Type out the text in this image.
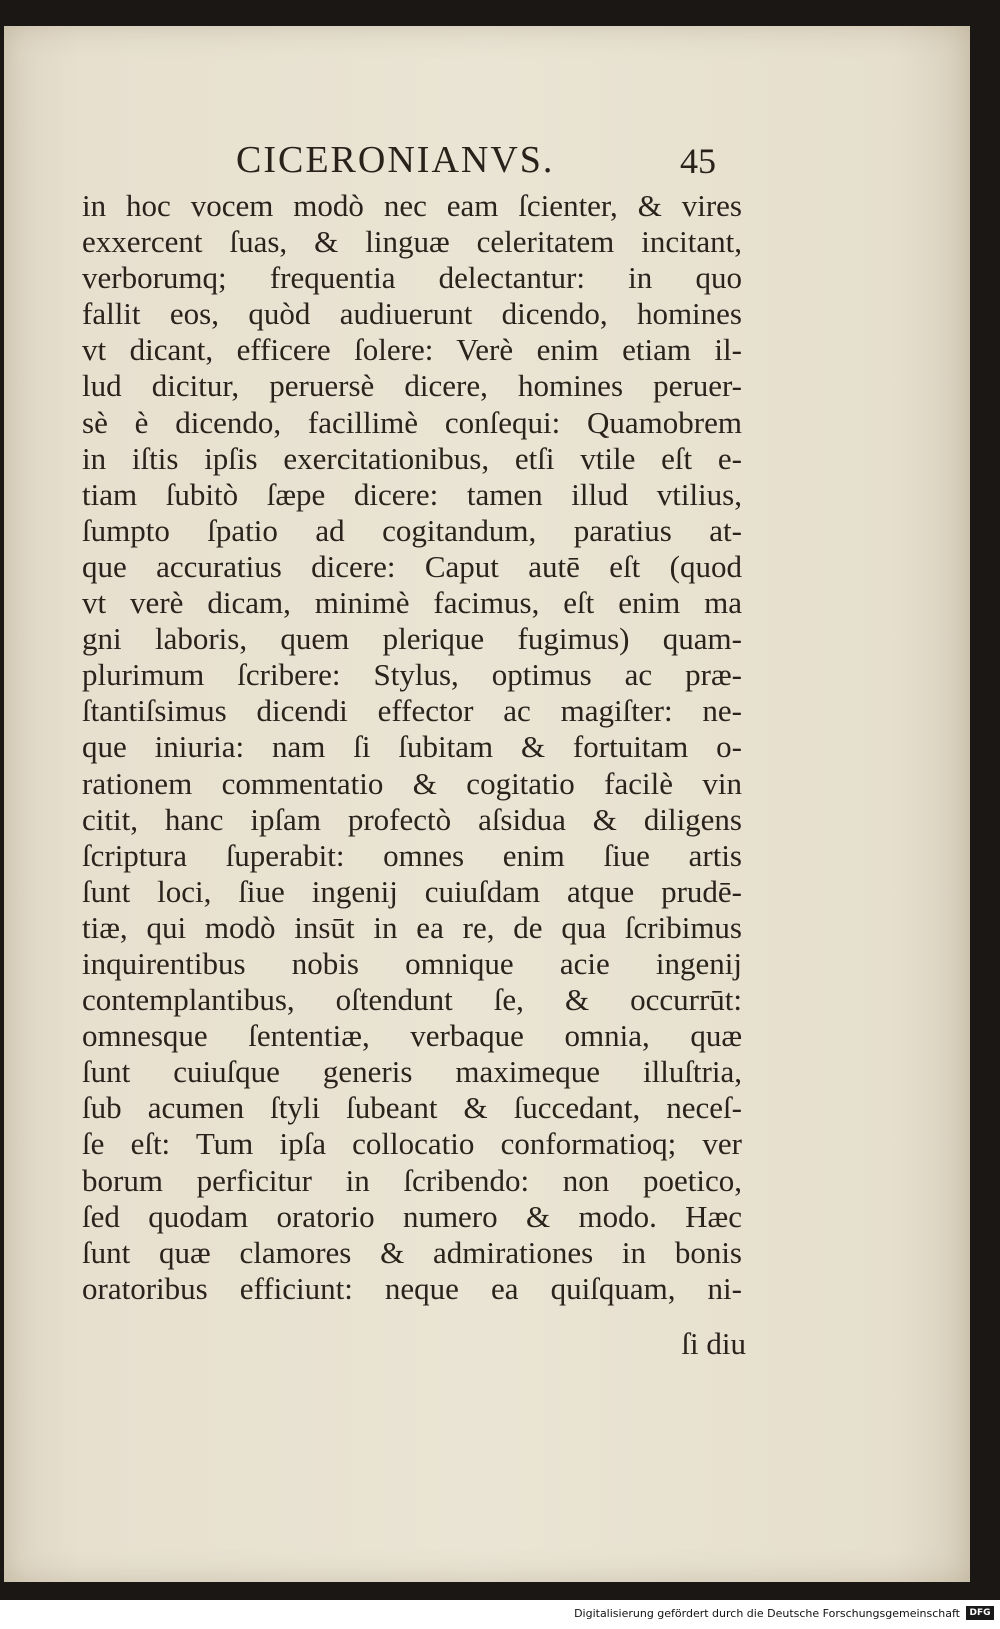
CICERONIANVS.	45
in hoc vocem modò nec eam ſcienter, & vires
exxercent ſuas, & linguæ celeritatem incitant,
verborumq; frequentia delectantur: in quo
fallit eos, quòd audiuerunt dicendo, homines
vt dicant, efficere ſolere: Verè enim etiam il-
lud dicitur, peruersè dicere, homines peruer-
sè è dicendo, facillimè conſequi: Quamobrem
in iſtis ipſis exercitationibus, etſi vtile eſt e-
tiam ſubitò ſæpe dicere: tamen illud vtilius,
ſumpto ſpatio ad cogitandum, paratius at-
que accuratius dicere: Caput autē eſt (quod
vt verè dicam, minimè facimus, eſt enim ma
gni laboris, quem plerique fugimus) quam-
plurimum ſcribere: Stylus, optimus ac præ-
ſtantiſsimus dicendi effector ac magiſter: ne-
que iniuria: nam ſi ſubitam & fortuitam o-
rationem commentatio & cogitatio facilè vin
citit, hanc ipſam profectò aſsidua & diligens
ſcriptura ſuperabit: omnes enim ſiue artis
ſunt loci, ſiue ingenij cuiuſdam atque prudē-
tiæ, qui modò insūt in ea re, de qua ſcribimus
inquirentibus nobis omnique acie ingenij
contemplantibus, oſtendunt ſe, & occurrūt:
omnesque ſententiæ, verbaque omnia, quæ
ſunt cuiuſque generis maximeque illuſtria,
ſub acumen ſtyli ſubeant & ſuccedant, neceſ-
ſe eſt: Tum ipſa collocatio conformatioq; ver
borum perficitur in ſcribendo: non poetico,
ſed quodam oratorio numero & modo. Hæc
ſunt quæ clamores & admirationes in bonis
oratoribus efficiunt: neque ea quiſquam, ni-
ſi diu
Digitalisierung gefördert durch die Deutsche Forschungsgemeinschaft	DFG
